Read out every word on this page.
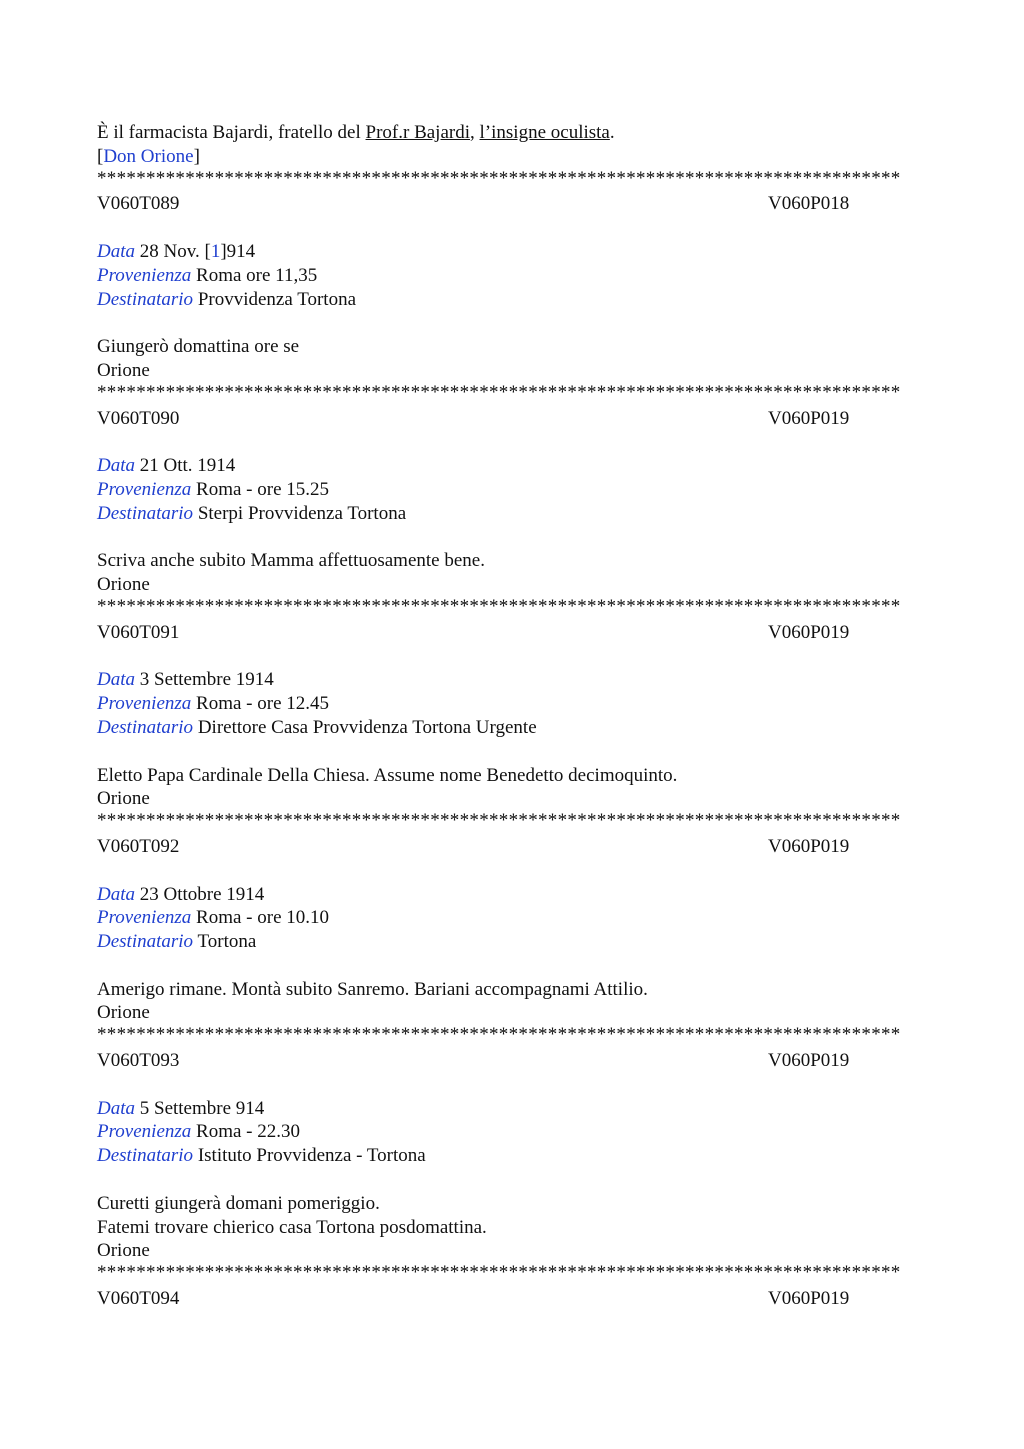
È il farmacista Bajardi, fratello del Prof.r Bajardi, l’insigne oculista.
[Don Orione]
**********************************************************************************
V060T089	V060P018
Data 28 Nov. [1]914
Provenienza Roma ore 11,35
Destinatario Provvidenza Tortona
Giungerò domattina ore se
Orione
**********************************************************************************
V060T090	V060P019
Data 21 Ott. 1914
Provenienza Roma - ore 15.25
Destinatario Sterpi Provvidenza Tortona
Scriva anche subito Mamma affettuosamente bene.
Orione
**********************************************************************************
V060T091	V060P019
Data 3 Settembre 1914
Provenienza Roma - ore 12.45
Destinatario Direttore Casa Provvidenza Tortona Urgente
Eletto Papa Cardinale Della Chiesa. Assume nome Benedetto decimoquinto.
Orione
**********************************************************************************
V060T092	V060P019
Data 23 Ottobre 1914
Provenienza Roma - ore 10.10
Destinatario Tortona
Amerigo rimane. Montà subito Sanremo. Bariani accompagnami Attilio.
Orione
**********************************************************************************
V060T093	V060P019
Data 5 Settembre 914
Provenienza Roma - 22.30
Destinatario Istituto Provvidenza - Tortona
Curetti giungerà domani pomeriggio.
Fatemi trovare chierico casa Tortona posdomattina.
Orione
**********************************************************************************
V060T094	V060P019
